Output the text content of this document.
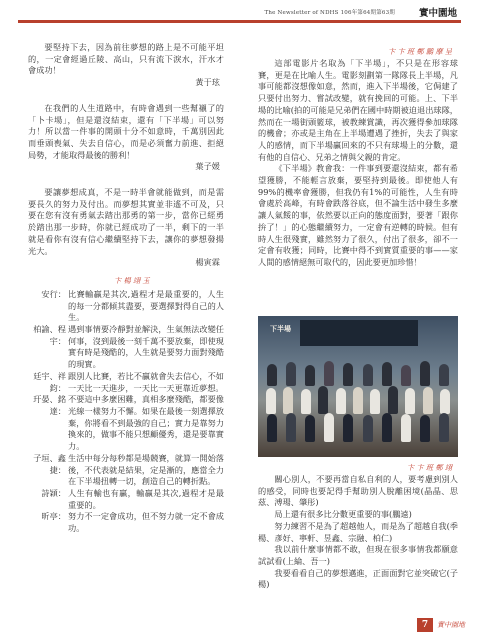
The Newsletter of NDHS 106年第64期第63期	實中園地

要堅持下去，因為前往夢想的路上是不可能平坦的，一定會經過丘陵、高山，只有流下淚水，汗水才會成功！

黃于玹

在我們的人生道路中，有時會遇到一些幫襯了的「卜卡場」，但是還沒結束，還有「下半場」可以努力！所以當一件事的開頭十分不如意時，千萬別因此而垂頭喪氣、失去自信心，而是必須奮力前進、拒絕局勢，才能取得最後的勝利！

葉子媛

要讓夢想成真，不是一時半會就能做到，而是需要長久的努力及付出。而夢想其實並非遙不可及，只要在您有沒有勇氣去踏出那勇的第一步，當你已經勇於踏出那一步時，你就已經成功了一半，剩下的一半就是看你有沒有信心繼續堅持下去，讓你的夢想發揚光大。

楊寅霖
卞 楊 翊 玉
安行： 比賽輸贏是其次,過程才是最重要的，人生的每一分都傾其盡要，要選擇對得自己的人生。
柏諭、程宇：
遇到事情要冷靜對並解決，生氣無法改變任何事，沒到最後一刻千萬不要放棄，即使現實有時是殘酷的，人生就是要努力面對殘酷的現實。
廷宇、祥鈞：
跟別人比賽，若比不贏就會失去信心，不如一天比一天進步，一天比一天更靠近夢想。
玗晏、銘達：
不要這中多麼困難，真相多麼殘酷，都要像光線一樣努力不懈。如果在最後一刻選擇放棄，你將看不到最強的自己；實力是靠努力換來的，做事不能只想顧優秀，還是要靠實力。
子垣、鑫捷：
生活中每分每秒都是場競賽，就算一開始落後，不代表就是結果，定是漸的，應當全力在下半場扭轉一切，創造自己的轉折點。
詩穎： 人生有輸也有贏，輸贏是其次,過程才是最重要的。
昕亭： 努力不一定會成功，但不努力就一定不會成功。
卞 卞 班 鄭 鵬 摩 呈

這部電影片名取為「下半場」，不只是在形容球賽，更是在比喻人生。電影刻劃第一隊隊長上半場，凡事可能都沒想像如意，然而，進入下半場後，它侷建了只要付出努力、嘗試改變，就有挽回的可能。上、下半場的比喻(拍的可能是兄弟們在國中時期被迫退出球隊，然而在一場街頭籃球，被教練賞識，再次獲得參加球隊的機會；亦或是主角在上半場遭遇了挫折，失去了與家人的感情，而下半場贏回來的不只有球場上的分數，還有他的自信心、兄弟之情與父親的肯定。

《下半場》教會我：一件事到要還沒結束，都有希望獲勝，不能輕言放棄，要堅持到最後。即使他人有99%的機率會獲勝，但我仍有1%的可能性，人生有時會處於高峰，有時會跌落谷底，但不論生活中發生多麼讓人氣餒的事，依然要以正向的態度面對，要著「跟你拚了！」的心態繼續努力，一定會有逆轉的時候。但有時人生很殘實，雖然努力了很久，付出了很多，卻不一定會有收獲；同時，比賽中得不到實質重要的事——家人間的感情絕無可取代的，因此要更加珍惜！

下半場
卞 卞 班 鄭 翊

關心別人，不要再當自私自利的人，要考慮到別人的感受，同時也要記得手幫助別人脫離困境(晶晶、思茲、溥瑒、肇彤)

局上還有很多比分數更重要的事(鵬遠)

努力練習不是為了超越他人，而是為了超越自我(季楊、彥好、寧軒、昱鑫、宗融、柏仁)

我以前什麼事情都不敢，但現在很多事情我都願意試試看(上綸、吾一)

我要看看自己的夢想邁進，正面面對它並突破它(子楊)

7	實中園地
